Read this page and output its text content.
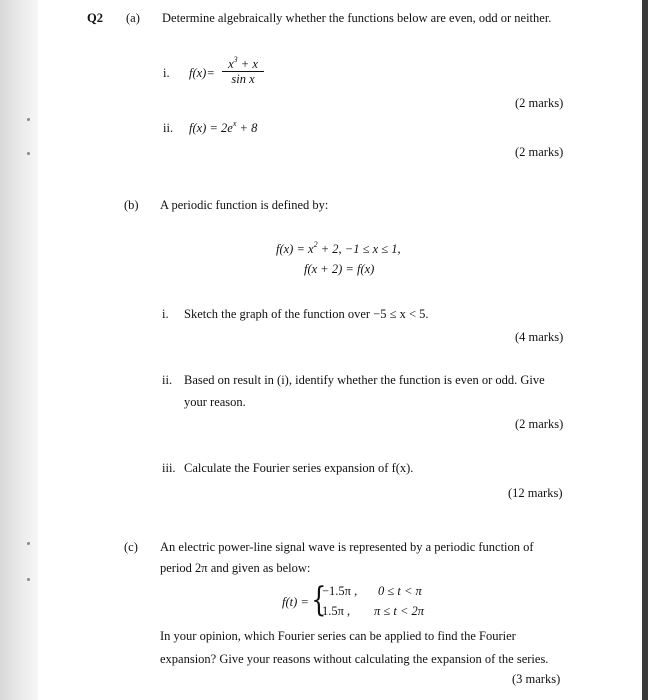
Q2 (a) Determine algebraically whether the functions below are even, odd or neither.
i. $f(x)= \frac{x^3 + x}{\text{sin x}}$
(2 marks)
ii. $f(x) = 2e^x + 8$
(2 marks)
(b) A periodic function is defined by:
$f(x) = x^2 + 2$, −1 ≤ x ≤ 1,
f(x + 2) = f(x)
i. Sketch the graph of the function over −5 ≤ x < 5.
(4 marks)
ii. Based on result in (i), identify whether the function is even or odd. Give
your reason.
(2 marks)
iii. Calculate the Fourier series expansion of f(x).
(12 marks)
(c) An electric power-line signal wave is represented by a periodic function of
period 2π and given as below:
f(t) = {
−1.5π , 0 ≤ t < π
1.5π , π ≤ t < 2π
In your opinion, which Fourier series can be applied to find the Fourier
expansion? Give your reasons without calculating the expansion of the series.
(3 marks)
